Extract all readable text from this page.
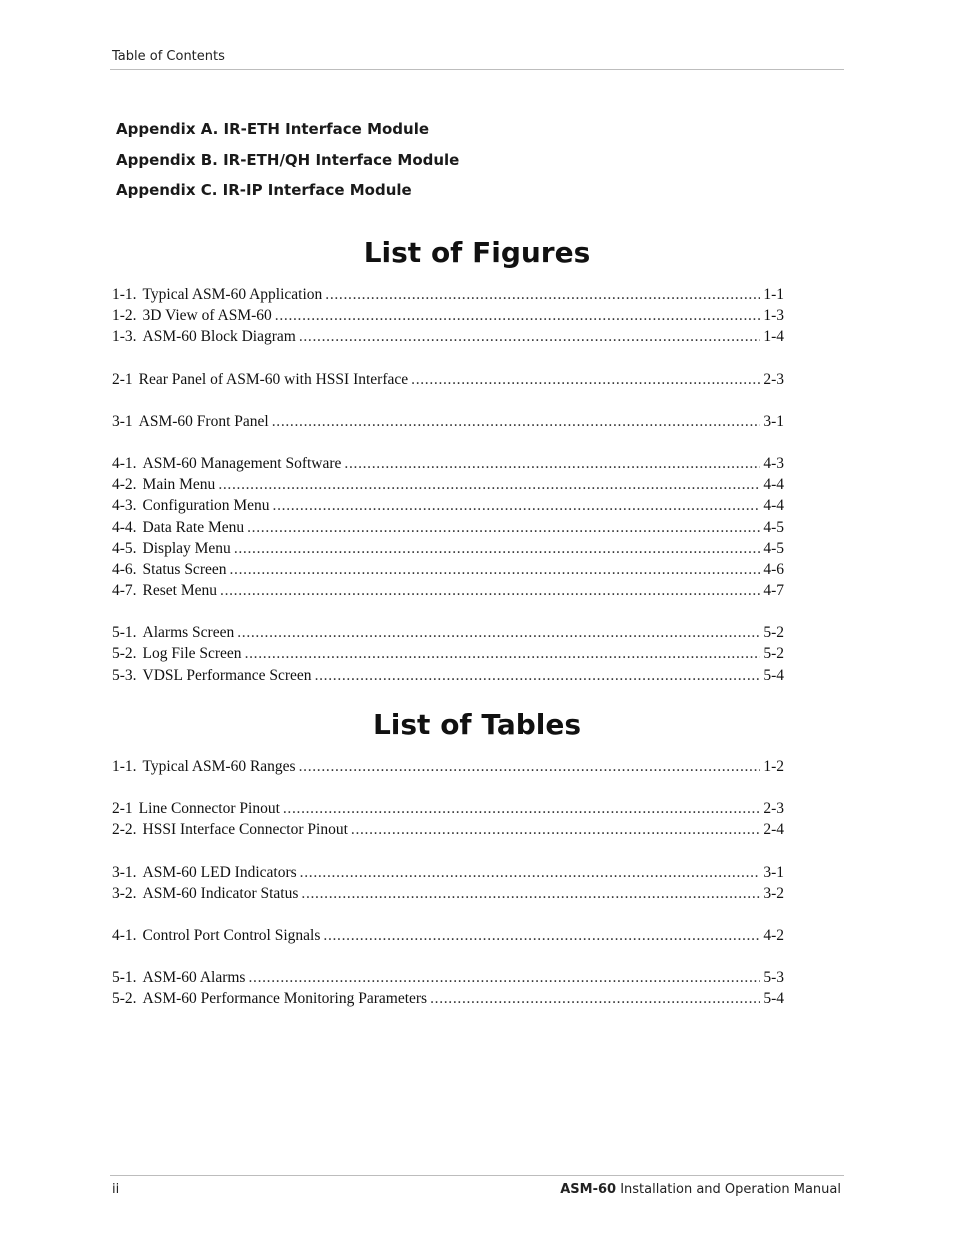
Table of Contents
Appendix A. IR-ETH Interface Module
Appendix B. IR-ETH/QH Interface Module
Appendix C. IR-IP Interface Module
List of Figures
1-1. Typical ASM-60 Application . . .	1-1
1-2. 3D View of ASM-60 . . .	1-3
1-3. ASM-60 Block Diagram . . .	1-4
2-1 Rear Panel of ASM-60 with HSSI Interface . . .	2-3
3-1 ASM-60 Front Panel . . .	3-1
4-1. ASM-60 Management Software . . .	4-3
4-2. Main Menu . . .	4-4
4-3. Configuration Menu . . .	4-4
4-4. Data Rate Menu . . .	4-5
4-5. Display Menu . . .	4-5
4-6. Status Screen . . .	4-6
4-7. Reset Menu . . .	4-7
5-1. Alarms Screen . . .	5-2
5-2. Log File Screen . . .	5-2
5-3. VDSL Performance Screen . . .	5-4
List of Tables
1-1. Typical ASM-60 Ranges . . .	1-2
2-1 Line Connector Pinout . . .	2-3
2-2. HSSI Interface Connector Pinout . . .	2-4
3-1. ASM-60 LED Indicators . . .	3-1
3-2. ASM-60 Indicator Status . . .	3-2
4-1. Control Port Control Signals . . .	4-2
5-1. ASM-60 Alarms . . .	5-3
5-2. ASM-60 Performance Monitoring Parameters . . .	5-4
ii	ASM-60 Installation and Operation Manual
